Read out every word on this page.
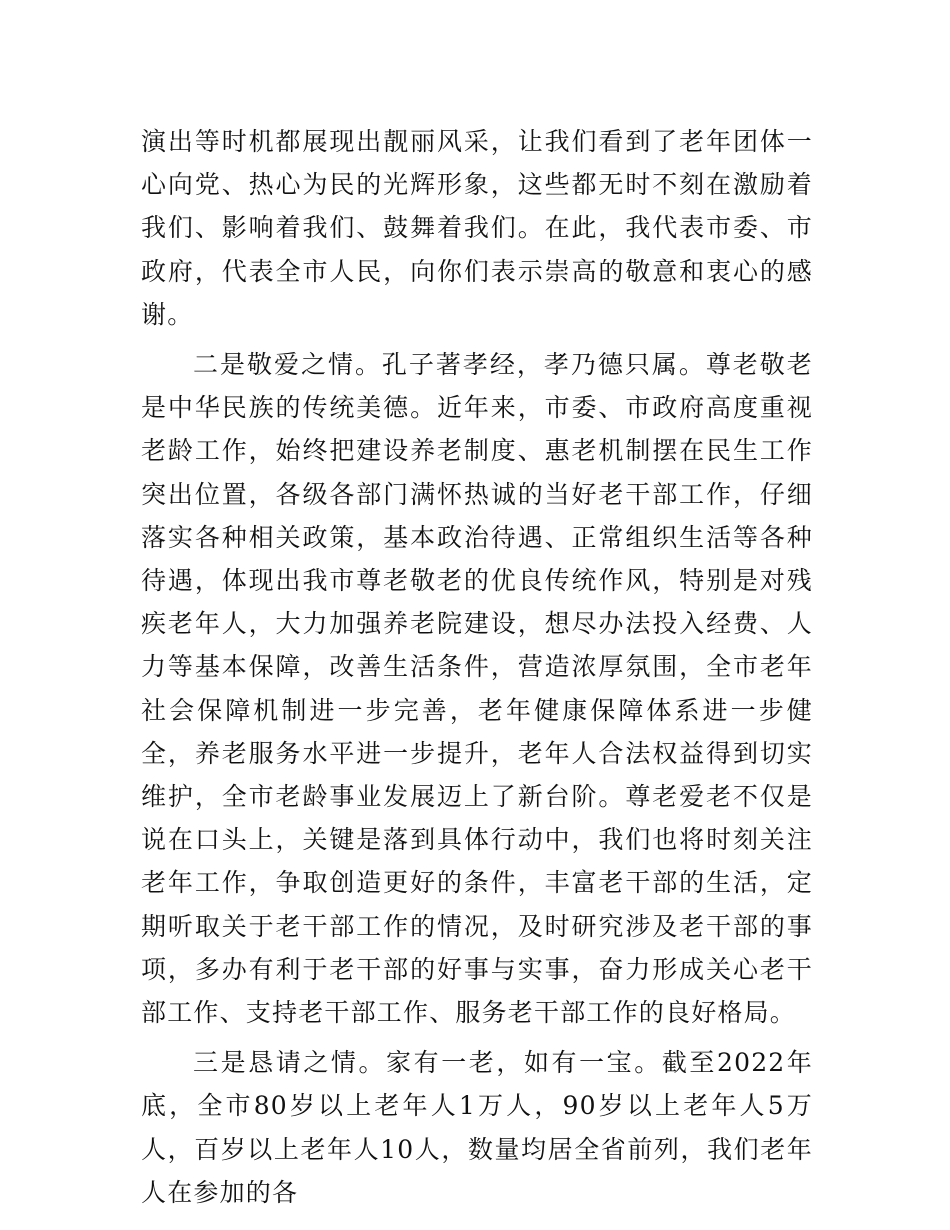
演出等时机都展现出靓丽风采，让我们看到了老年团体一心向党、热心为民的光辉形象，这些都无时不刻在激励着我们、影响着我们、鼓舞着我们。在此，我代表市委、市政府，代表全市人民，向你们表示崇高的敬意和衷心的感谢。

二是敬爱之情。孔子著孝经，孝乃德只属。尊老敬老是中华民族的传统美德。近年来，市委、市政府高度重视老龄工作，始终把建设养老制度、惠老机制摆在民生工作突出位置，各级各部门满怀热诚的当好老干部工作，仔细落实各种相关政策，基本政治待遇、正常组织生活等各种待遇，体现出我市尊老敬老的优良传统作风，特别是对残疾老年人，大力加强养老院建设，想尽办法投入经费、人力等基本保障，改善生活条件，营造浓厚氛围，全市老年社会保障机制进一步完善，老年健康保障体系进一步健全，养老服务水平进一步提升，老年人合法权益得到切实维护，全市老龄事业发展迈上了新台阶。尊老爱老不仅是说在口头上，关键是落到具体行动中，我们也将时刻关注老年工作，争取创造更好的条件，丰富老干部的生活，定期听取关于老干部工作的情况，及时研究涉及老干部的事项，多办有利于老干部的好事与实事，奋力形成关心老干部工作、支持老干部工作、服务老干部工作的良好格局。

三是恳请之情。家有一老，如有一宝。截至2022年底，全市80岁以上老年人1万人，90岁以上老年人5万人，百岁以上老年人10人，数量均居全省前列，我们老年人在参加的各
